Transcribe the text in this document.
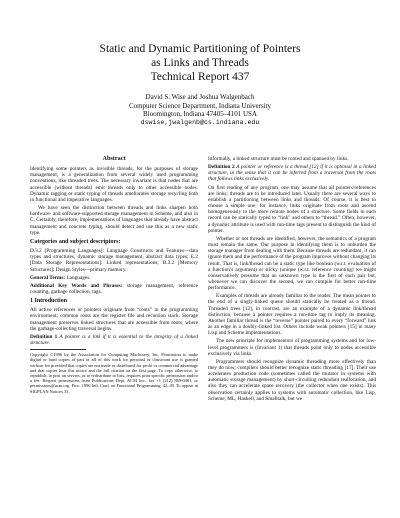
Static and Dynamic Partitioning of Pointers
as Links and Threads
Technical Report 437
David S. Wise and Joshua Walgenbach
Computer Science Department, Indiana University
Bloomington, Indiana 47405–4101 USA
dswise,jwalgenb@cs.indiana.edu
Abstract

Identifying some pointers as invisible threads, for the purposes of storage management, is a generalization from several widely used programming conventions, like threaded trees. The necessary invariant is that nodes that are accessible (without threads) emit threads only to other accessible nodes. Dynamic tagging or static typing of threads ameliorates storage recycling both in functional and imperative languages.

We have seen the distinction between threads and links sharpen both hardware- and software-supported storage management in Scheme, and also in C. Certainly, therefore, implementations of languages that already have abstract management and concrete typing, should detect and use this as a new static type.

Categories and subject descriptors:

D.3.2 [Programming Languages]: Language Constructs and Features—data types and structures, dynamic storage management, abstract data types; E.2 [Data Storage Representations]: Linked representations; B.3.2 [Memory Structures]: Design Styles—primary memory.

General Terms: Languages.

Additional Key Words and Phrases: storage management, reference counting, garbage collection, tags.

1 Introduction

All active references or pointers originate from “roots” in the programming environment; common roots are the register file and recursion stack. Storage management preserves linked structures that are accessible from roots, where the garbage-collecting traversal begins.

Definition 1 A pointer is a link if it is essential to the integrity of a linked structure.

Copyright ©1996 by the Association for Computing Machinery, Inc. Permission to make digital or hard copies of part or all of this work for personal or classroom use is granted without fee provided that copies are not made or distributed for profit or commercial advantage and that copies bear this notice and the full citation on the first page. To copy otherwise, to republish, to post on servers, or to redistribute to lists, requires prior specific permission and/or a fee. Request permissions from Publications Dept, ACM Inc., fax +1 (212) 869-0481, or permissions@acm.org. Proc. 1996 Intl. Conf. on Functional Programming, 42–49. To appear in SIGPLAN Notices 31.

Informally, a linked structure must be rooted and spanned by links.

Definition 2 A pointer or reference is a thread [12] if it is optional in a linked structure, in the sense that it can be inferred from a traversal from the roots that follows links exclusively.

On first reading of any program, one may assume that all pointers/references are links; threads are to be introduced later. Usually there are several ways to establish a partitioning between links and threads. Of course, it is best to choose a simple one; for instance, links originate from roots and ascend homogeneously to the more remote nodes of a structure. Some fields in each record can be statically typed to “link” and others to “thread.” Often, however, a dynamic attribute is used with run-time tags present to distinguish the kind of pointer.

Whether or not threads are identified, however, the semantics of a program must remain the same. Our purpose in identifying them is to unburden the storage manager from dealing with them. Because threads are redundant, it can ignore them and the performance of the program improves without changing its result. That is, link/thread can be a static type like boolean (w.r.t. evaluation of a function’s argument) or sticky (unique (w.r.t. reference counting) we might conservatively presume that an unknown type is the first of each pair but, whenever we can discover the second, we can compile for better run-time performance.

Examples of threads are already familiar to the reader. The mean pointer to the end of a singly-linked queue should statically be treated as a thread. Threaded trees [12], in contrast, are an example of a dynamic link/thread distinction, because a pointer requires a run-time tag to imply its meaning. Another familiar thread is the “reverse” pointer paired to every “forward” link as an edge in a doubly-linked list. Others include weak pointers [15] in many Lisp and Scheme implementations.

The new principle for implementors of programming systems and for low-level programmers is (Invariant 1) that threads point only to nodes accessible exclusively via links.

Programmers should recognize dynamic threading more effectively than they do now; compilers should better recognize static threading [17]. Their use accelerates production code (sometimes called the mutator in systems with automatic storage management) by short-circuiting redundant reallocation, and also they can accelerate space recovery (the collector when one exists). This observation certainly applies to systems with automatic collection, like Lisp, Scheme, ML, Haskell, and Smalltalk, but we
